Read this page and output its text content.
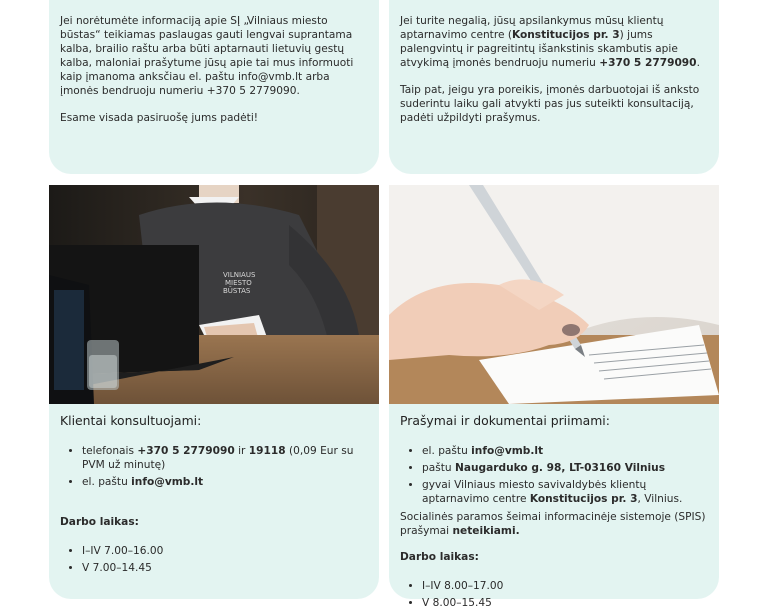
Jei norėtumėte informaciją apie SĮ „Vilniaus miesto būstas“ teikiamas paslaugas gauti lengvai suprantama kalba, brailio raštu arba būti aptarnauti lietuvių gestų kalba, maloniai prašytume jūsų apie tai mus informuoti kaip įmanoma anksčiau el. paštu info@vmb.lt arba įmonės bendruoju numeriu +370 5 2779090.

Esame visada pasiruošę jums padėti!

Jei turite negalią, jūsų apsilankymus mūsų klientų aptarnavimo centre (Konstitucijos pr. 3) jums palengvintų ir pagreitintų išankstinis skambutis apie atvykimą įmonės bendruoju numeriu +370 5 2779090.

Taip pat, jeigu yra poreikis, įmonės darbuotojai iš anksto suderintu laiku gali atvykti pas jus suteikti konsultaciją, padėti užpildyti prašymus.

VILNIAUS MIESTO BŪSTAS
Klientai konsultuojami:
• telefonais +370 5 2779090 ir 19118 (0,09 Eur su PVM už minutę)
• el. paštu info@vmb.lt
Darbo laikas:
• I–IV 7.00–16.00
• V 7.00–14.45
Prašymai ir dokumentai priimami:
• el. paštu info@vmb.lt
• paštu Naugarduko g. 98, LT-03160 Vilnius
• gyvai Vilniaus miesto savivaldybės klientų aptarnavimo centre Konstitucijos pr. 3, Vilnius.

Socialinės paramos šeimai informacinėje sistemoje (SPIS) prašymai neteikiami.

Darbo laikas:
• I–IV 8.00–17.00
• V 8.00–15.45
